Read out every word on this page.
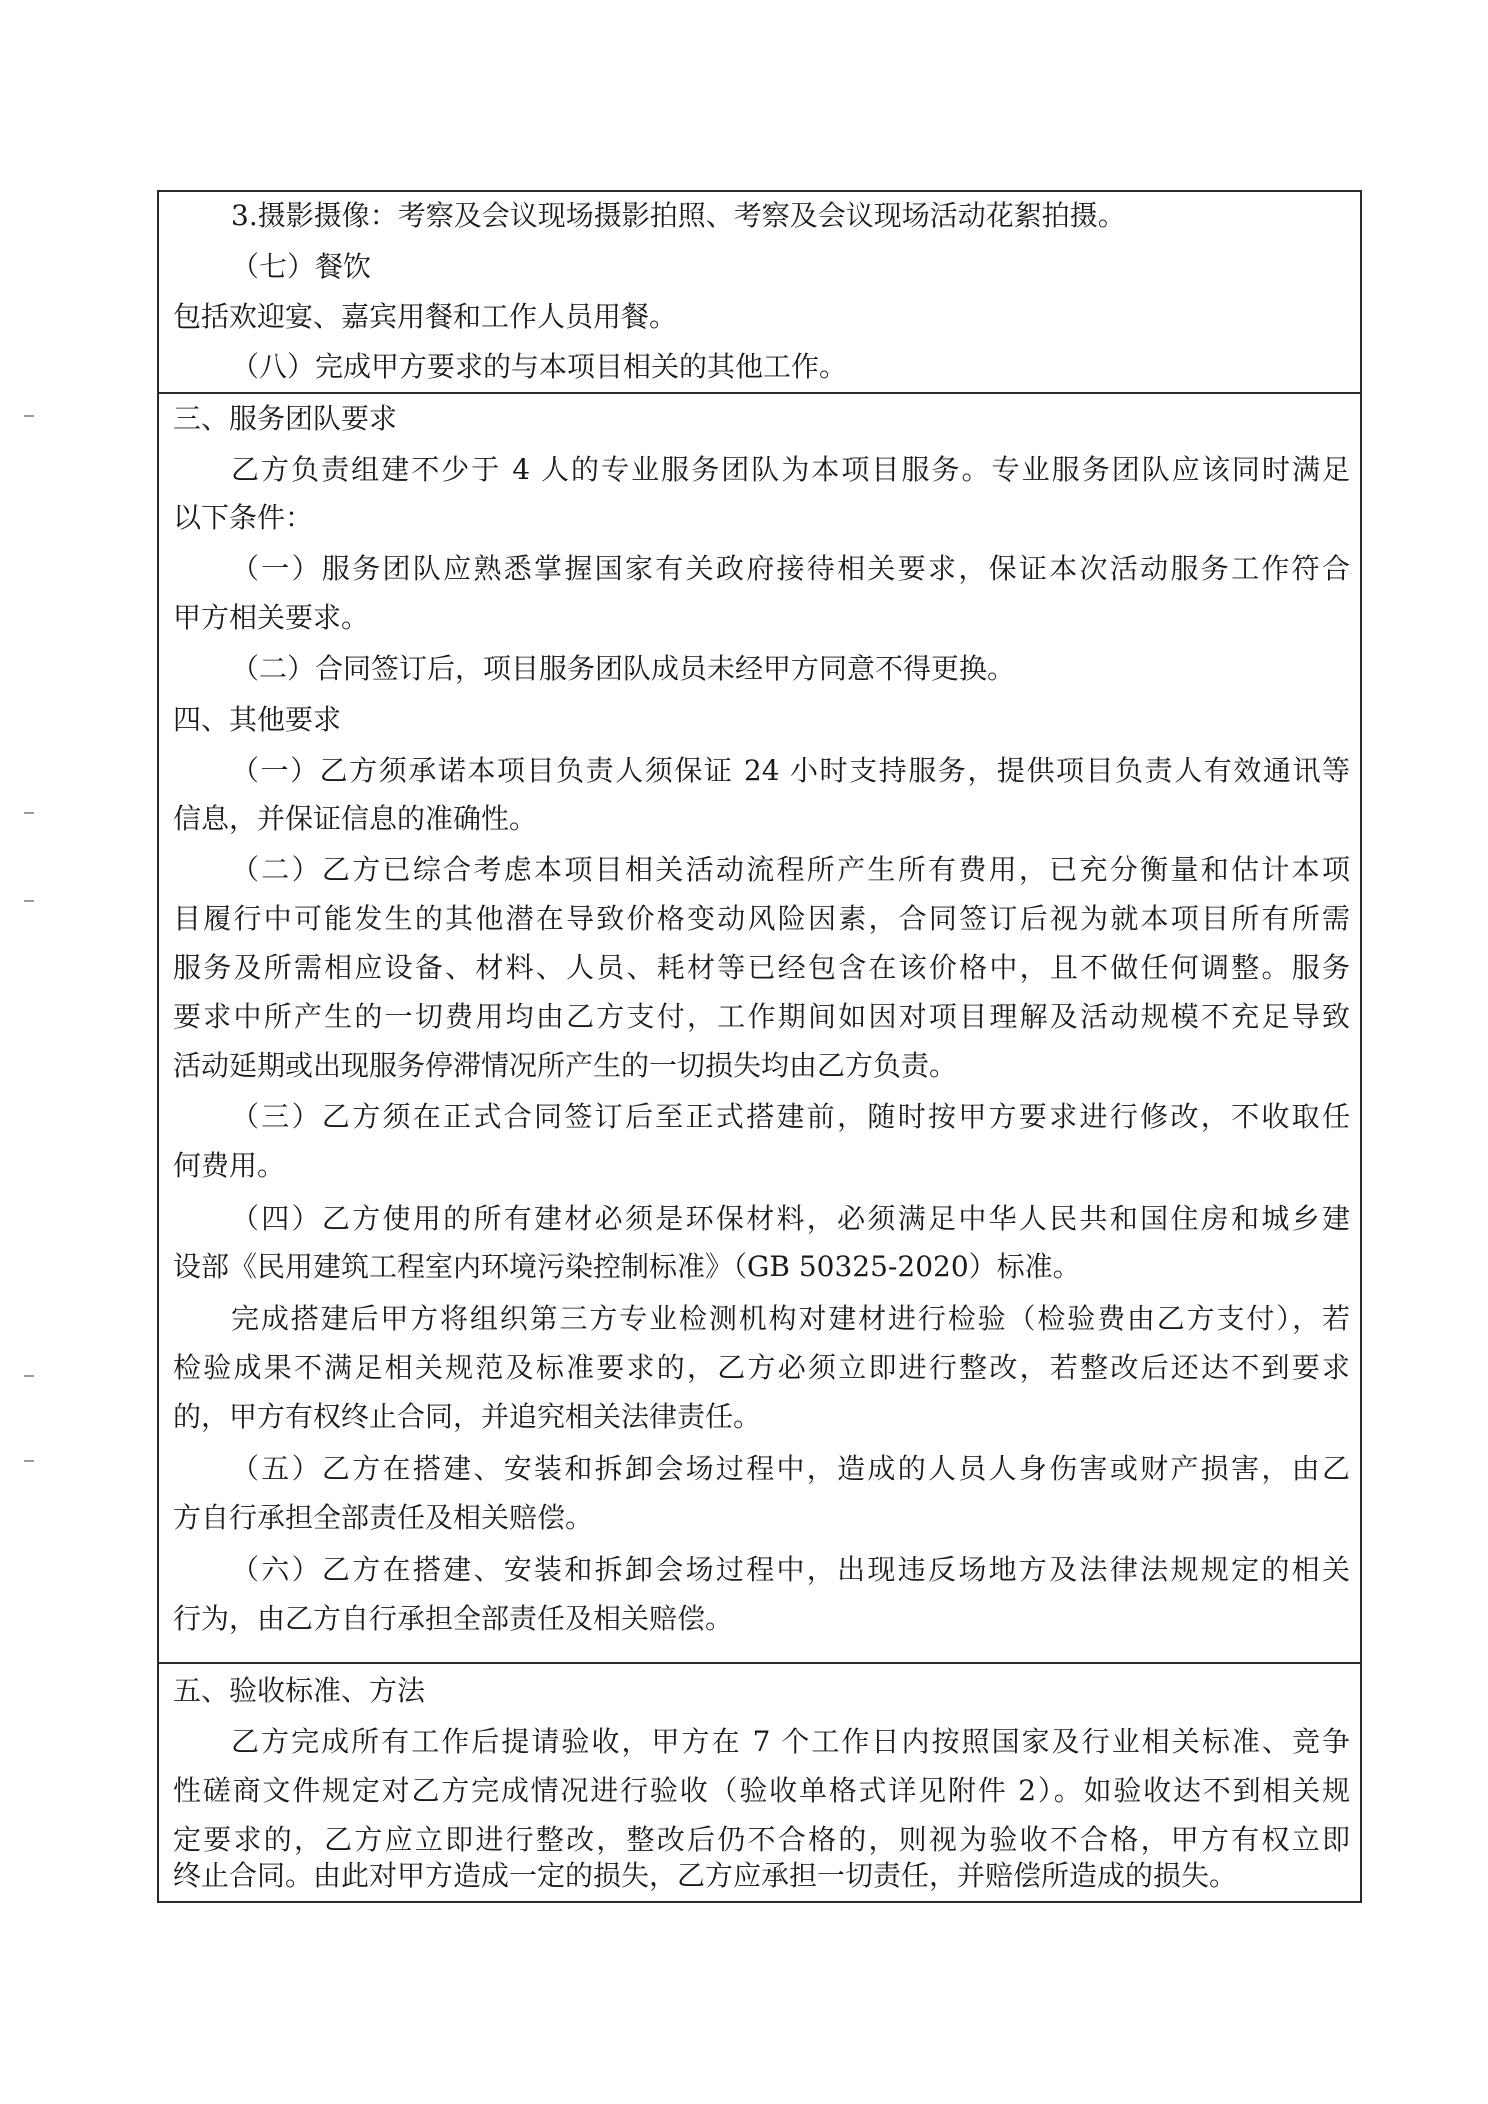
3.摄影摄像：考察及会议现场摄影拍照、考察及会议现场活动花絮拍摄。
（七）餐饮
包括欢迎宴、嘉宾用餐和工作人员用餐。
（八）完成甲方要求的与本项目相关的其他工作。
三、服务团队要求
乙方负责组建不少于 4 人的专业服务团队为本项目服务。专业服务团队应该同时满足
以下条件：
（一）服务团队应熟悉掌握国家有关政府接待相关要求，保证本次活动服务工作符合
甲方相关要求。
（二）合同签订后，项目服务团队成员未经甲方同意不得更换。
四、其他要求
（一）乙方须承诺本项目负责人须保证 24 小时支持服务，提供项目负责人有效通讯等
信息，并保证信息的准确性。
（二）乙方已综合考虑本项目相关活动流程所产生所有费用，已充分衡量和估计本项
目履行中可能发生的其他潜在导致价格变动风险因素，合同签订后视为就本项目所有所需
服务及所需相应设备、材料、人员、耗材等已经包含在该价格中，且不做任何调整。服务
要求中所产生的一切费用均由乙方支付，工作期间如因对项目理解及活动规模不充足导致
活动延期或出现服务停滞情况所产生的一切损失均由乙方负责。
（三）乙方须在正式合同签订后至正式搭建前，随时按甲方要求进行修改，不收取任
何费用。
（四）乙方使用的所有建材必须是环保材料，必须满足中华人民共和国住房和城乡建
设部《民用建筑工程室内环境污染控制标准》（GB 50325-2020）标准。
完成搭建后甲方将组织第三方专业检测机构对建材进行检验（检验费由乙方支付），若
检验成果不满足相关规范及标准要求的，乙方必须立即进行整改，若整改后还达不到要求
的，甲方有权终止合同，并追究相关法律责任。
（五）乙方在搭建、安装和拆卸会场过程中，造成的人员人身伤害或财产损害，由乙
方自行承担全部责任及相关赔偿。
（六）乙方在搭建、安装和拆卸会场过程中，出现违反场地方及法律法规规定的相关
行为，由乙方自行承担全部责任及相关赔偿。
五、验收标准、方法
乙方完成所有工作后提请验收，甲方在 7 个工作日内按照国家及行业相关标准、竞争
性磋商文件规定对乙方完成情况进行验收（验收单格式详见附件 2）。如验收达不到相关规
定要求的，乙方应立即进行整改，整改后仍不合格的，则视为验收不合格，甲方有权立即
终止合同。由此对甲方造成一定的损失，乙方应承担一切责任，并赔偿所造成的损失。
